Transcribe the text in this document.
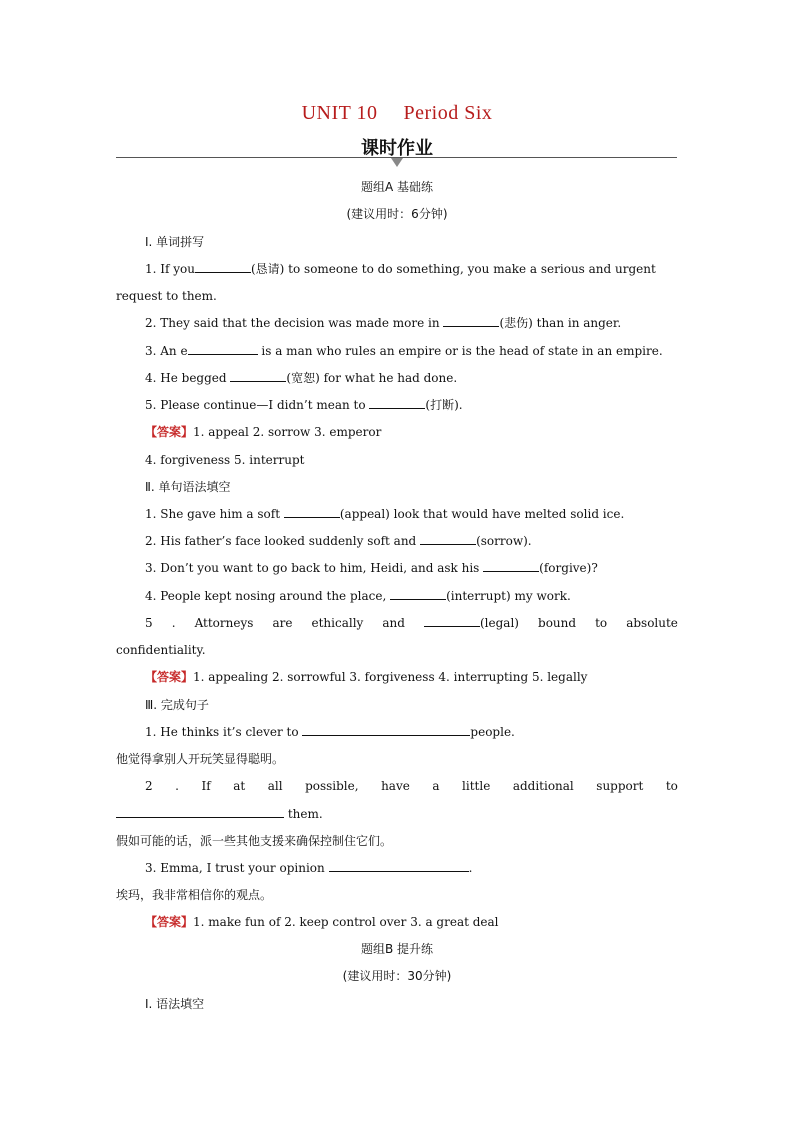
UNIT 10　 Period Six
课时作业
题组A 基础练
(建议用时：6分钟)
Ⅰ. 单词拼写
1. If you	(恳请) to someone to do something, you make a serious and urgent
request to them.
2. They said that the decision was made more in	(悲伤) than in anger.
3. An e	is a man who rules an empire or is the head of state in an empire.
4. He begged	(宽恕) for what he had done.
5. Please continue—I didn’t mean to	(打断).
【答案】1. appeal 2. sorrow 3. emperor
4. forgiveness 5. interrupt
Ⅱ. 单句语法填空
1. She gave him a soft	(appeal) look that would have melted solid ice.
2. His father’s face looked suddenly soft and	(sorrow).
3. Don’t you want to go back to him, Heidi, and ask his	(forgive)?
4. People kept nosing around the place,	(interrupt) my work.
5 . Attorneys are ethically and	(legal) bound to absolute
confidentiality.
【答案】1. appealing 2. sorrowful 3. forgiveness 4. interrupting 5. legally
Ⅲ. 完成句子
1. He thinks it’s clever to	people.
他觉得拿别人开玩笑显得聪明。
2 . If at all possible, have a little additional support to
them.
假如可能的话，派一些其他支援来确保控制住它们。
3. Emma, I trust your opinion	.
埃玛，我非常相信你的观点。
【答案】1. make fun of 2. keep control over 3. a great deal
题组B 提升练
(建议用时：30分钟)
Ⅰ. 语法填空
